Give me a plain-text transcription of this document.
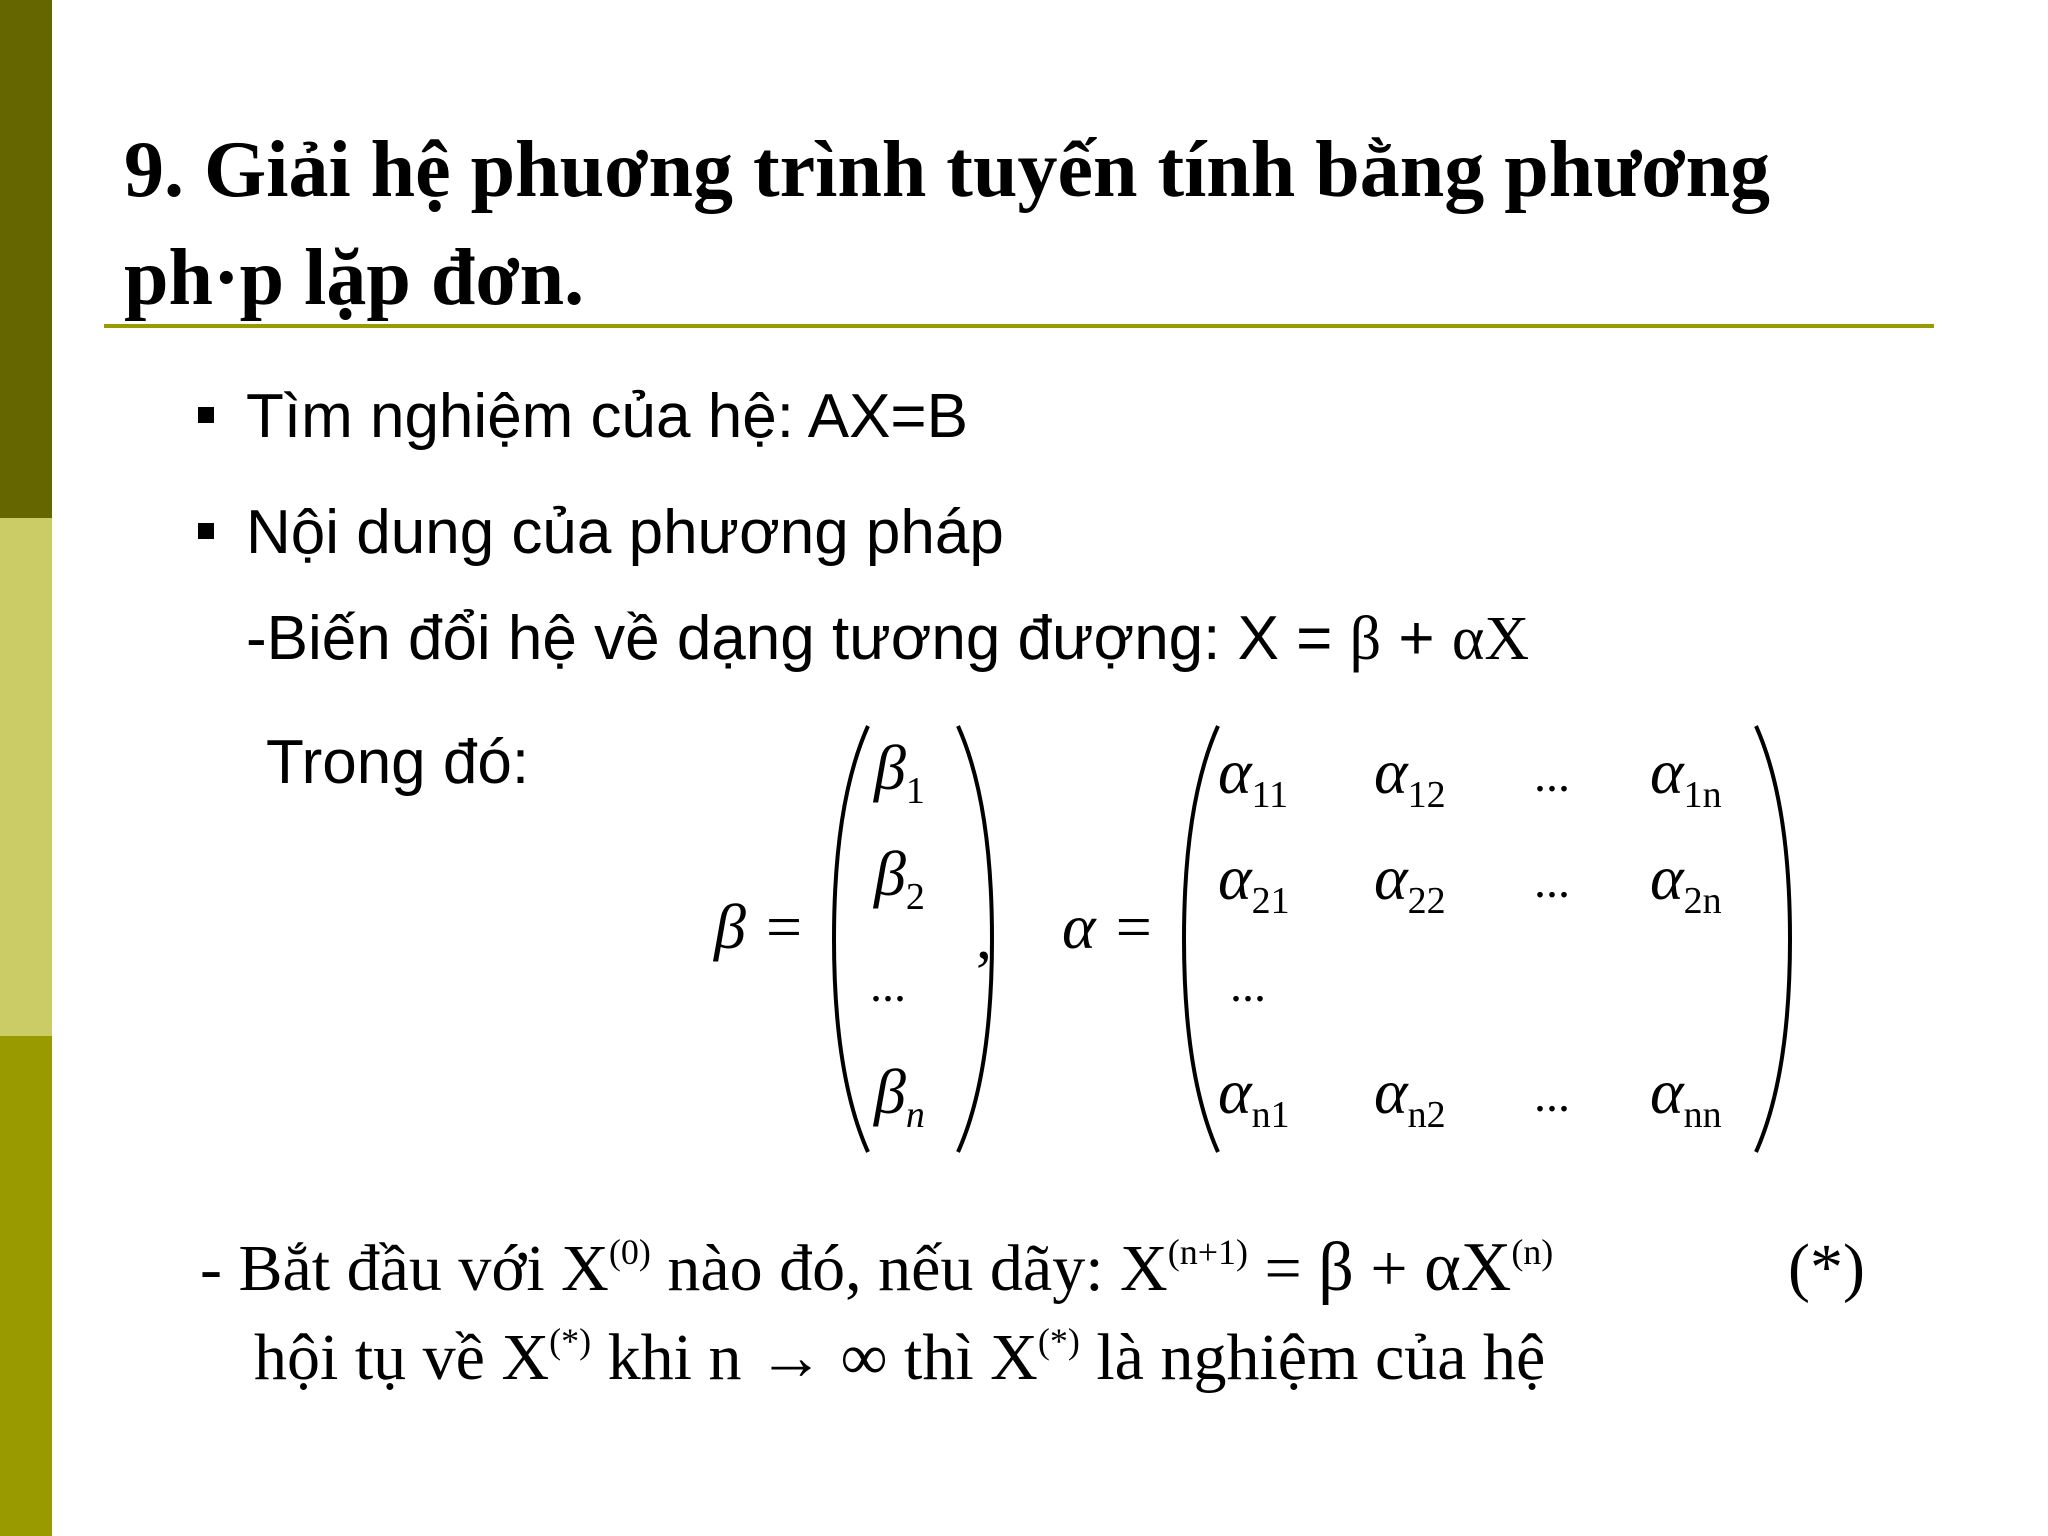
9. Giải hệ phuơng trình tuyến tính bằng phương
ph·p lặp đơn.
Tìm nghiệm của hệ: AX=B
Nội dung của phương pháp
-Biến đổi hệ về dạng tương đượng: X = β + αX
Trong đó:
β =
$\beta_1$
$\beta_2$
...
$\beta_n$
, α =
$\alpha_{11}$ $\alpha_{12}$ ... $\alpha_{1n}$
$\alpha_{21}$ $\alpha_{22}$ ... $\alpha_{2n}$
...
$\alpha_{n1}$ $\alpha_{n2}$ ... $\alpha_{nn}$
- Bắt đầu với $X^{(0)}$ nào đó, nếu dãy: $X^{(n+1)} = \beta + \alpha X^{(n)}$	(*)
hội tụ về X(*) khi n → ∞ thì X(*) là nghiệm của hệ
